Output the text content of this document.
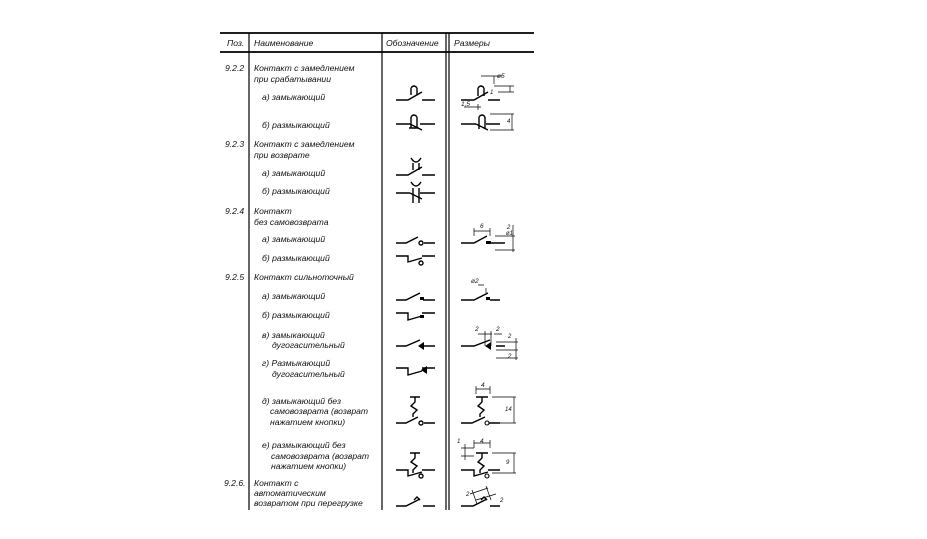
Поз. Наименование	Обозначение Размеры
9.2.2 Контакт с замедлением
при срабатывании
а) замыкающий
б) размыкающий
9.2.3 Контакт с замедлением
при возврате
а) замыкающий
б) размыкающий
9.2.4 Контакт
без самовозврата
а) замыкающий
б) размыкающий
9.2.5 Контакт сильноточный
а) замыкающий
б) размыкающий
в) замыкающий
дугогасительный
г) Размыкающий
дугогасительный
д) замыкающий без
самовозврата (возврат
нажатием кнопки)
е) размыкающий без
самовозврата (возврат
нажатием кнопки)
9.2.6. Контакт с
автоматическим
возвратом при перегрузке
ø5
1,5
1
4
6
ø1
2
ø2
2	2
2
2
4
14
4
1
9
2
2
